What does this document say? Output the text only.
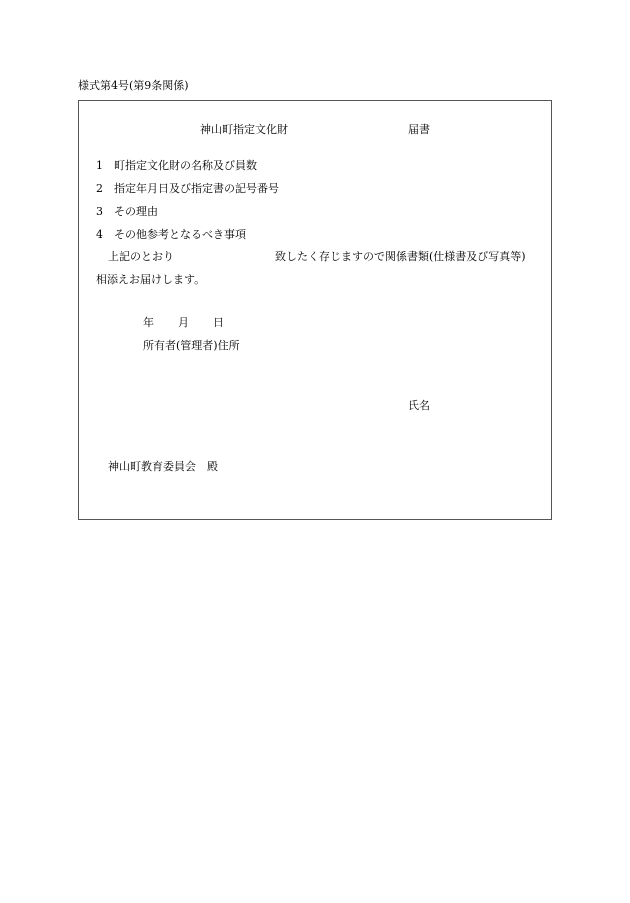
様式第4号(第9条関係)
神山町指定文化財	届書
1 町指定文化財の名称及び員数
2 指定年月日及び指定書の記号番号
3 その理由
4 その他参考となるべき事項
上記のとおり	致したく存じますので関係書類(仕様書及び写真等)
相添えお届けします。
年 月 日
所有者(管理者)住所
氏名
神山町教育委員会　殿
